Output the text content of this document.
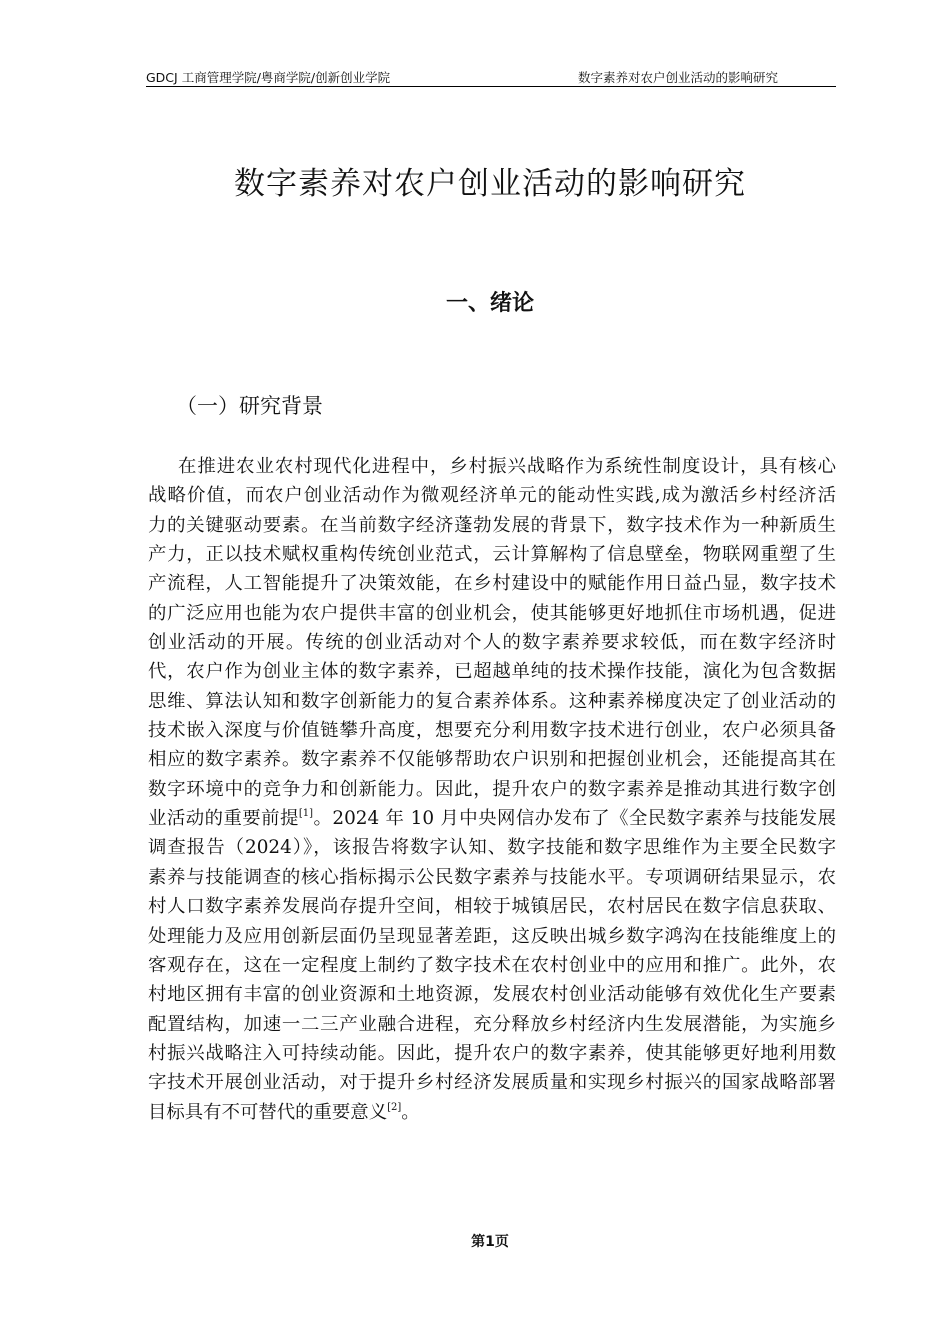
GDCJ 工商管理学院/粤商学院/创新创业学院	数字素养对农户创业活动的影响研究
数字素养对农户创业活动的影响研究
一、绪论
（一）研究背景
在推进农业农村现代化进程中，乡村振兴战略作为系统性制度设计，具有核心
战略价值，而农户创业活动作为微观经济单元的能动性实践,成为激活乡村经济活
力的关键驱动要素。在当前数字经济蓬勃发展的背景下，数字技术作为一种新质生
产力，正以技术赋权重构传统创业范式，云计算解构了信息壁垒，物联网重塑了生
产流程，人工智能提升了决策效能，在乡村建设中的赋能作用日益凸显，数字技术
的广泛应用也能为农户提供丰富的创业机会，使其能够更好地抓住市场机遇，促进
创业活动的开展。传统的创业活动对个人的数字素养要求较低，而在数字经济时
代，农户作为创业主体的数字素养，已超越单纯的技术操作技能，演化为包含数据
思维、算法认知和数字创新能力的复合素养体系。这种素养梯度决定了创业活动的
技术嵌入深度与价值链攀升高度，想要充分利用数字技术进行创业，农户必须具备
相应的数字素养。数字素养不仅能够帮助农户识别和把握创业机会，还能提高其在
数字环境中的竞争力和创新能力。因此，提升农户的数字素养是推动其进行数字创
业活动的重要前提[1]。2024 年 10 月中央网信办发布了《全民数字素养与技能发展
调查报告（2024）》，该报告将数字认知、数字技能和数字思维作为主要全民数字
素养与技能调查的核心指标揭示公民数字素养与技能水平。专项调研结果显示，农
村人口数字素养发展尚存提升空间，相较于城镇居民，农村居民在数字信息获取、
处理能力及应用创新层面仍呈现显著差距，这反映出城乡数字鸿沟在技能维度上的
客观存在，这在一定程度上制约了数字技术在农村创业中的应用和推广。此外，农
村地区拥有丰富的创业资源和土地资源，发展农村创业活动能够有效优化生产要素
配置结构，加速一二三产业融合进程，充分释放乡村经济内生发展潜能，为实施乡
村振兴战略注入可持续动能。因此，提升农户的数字素养，使其能够更好地利用数
字技术开展创业活动，对于提升乡村经济发展质量和实现乡村振兴的国家战略部署
目标具有不可替代的重要意义[2]。
第1页
